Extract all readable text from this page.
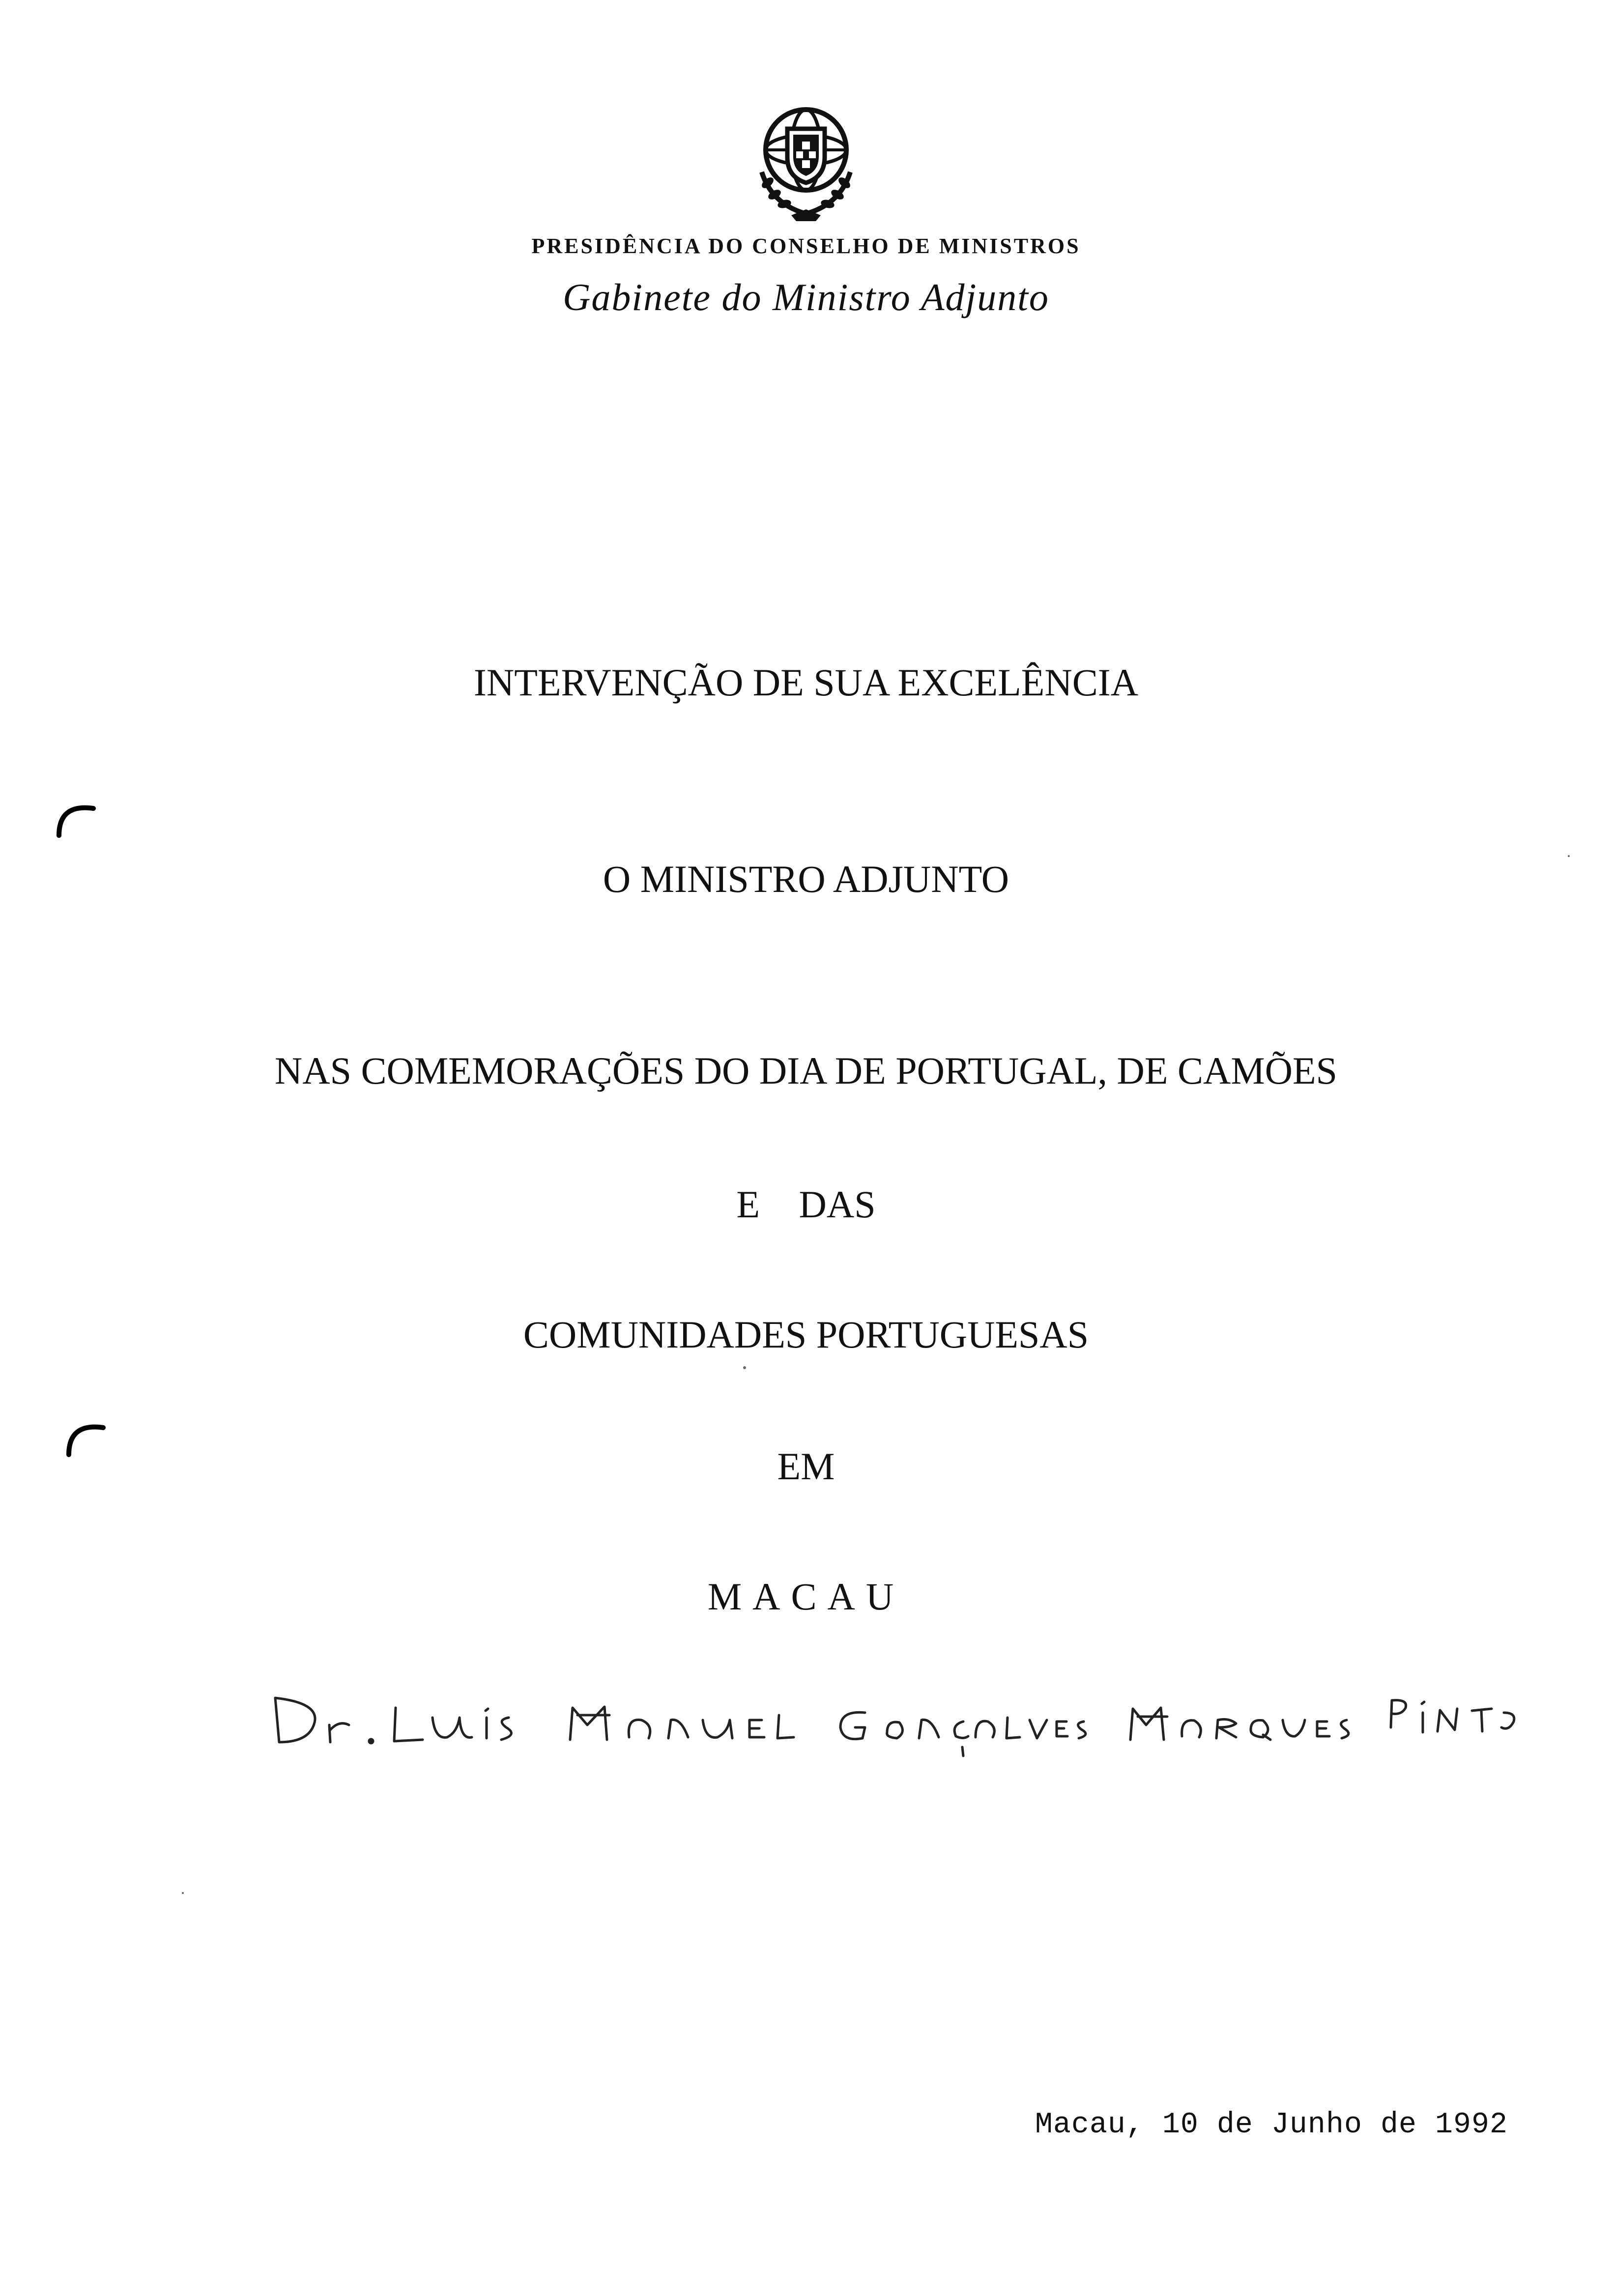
PRESIDÊNCIA DO CONSELHO DE MINISTROS
Gabinete do Ministro Adjunto
INTERVENÇÃO DE SUA EXCELÊNCIA
O MINISTRO ADJUNTO
NAS COMEMORAÇÕES DO DIA DE PORTUGAL, DE CAMÕES
E DAS
COMUNIDADES PORTUGUESAS
EM
MACAU
Macau, 10 de Junho de 1992
